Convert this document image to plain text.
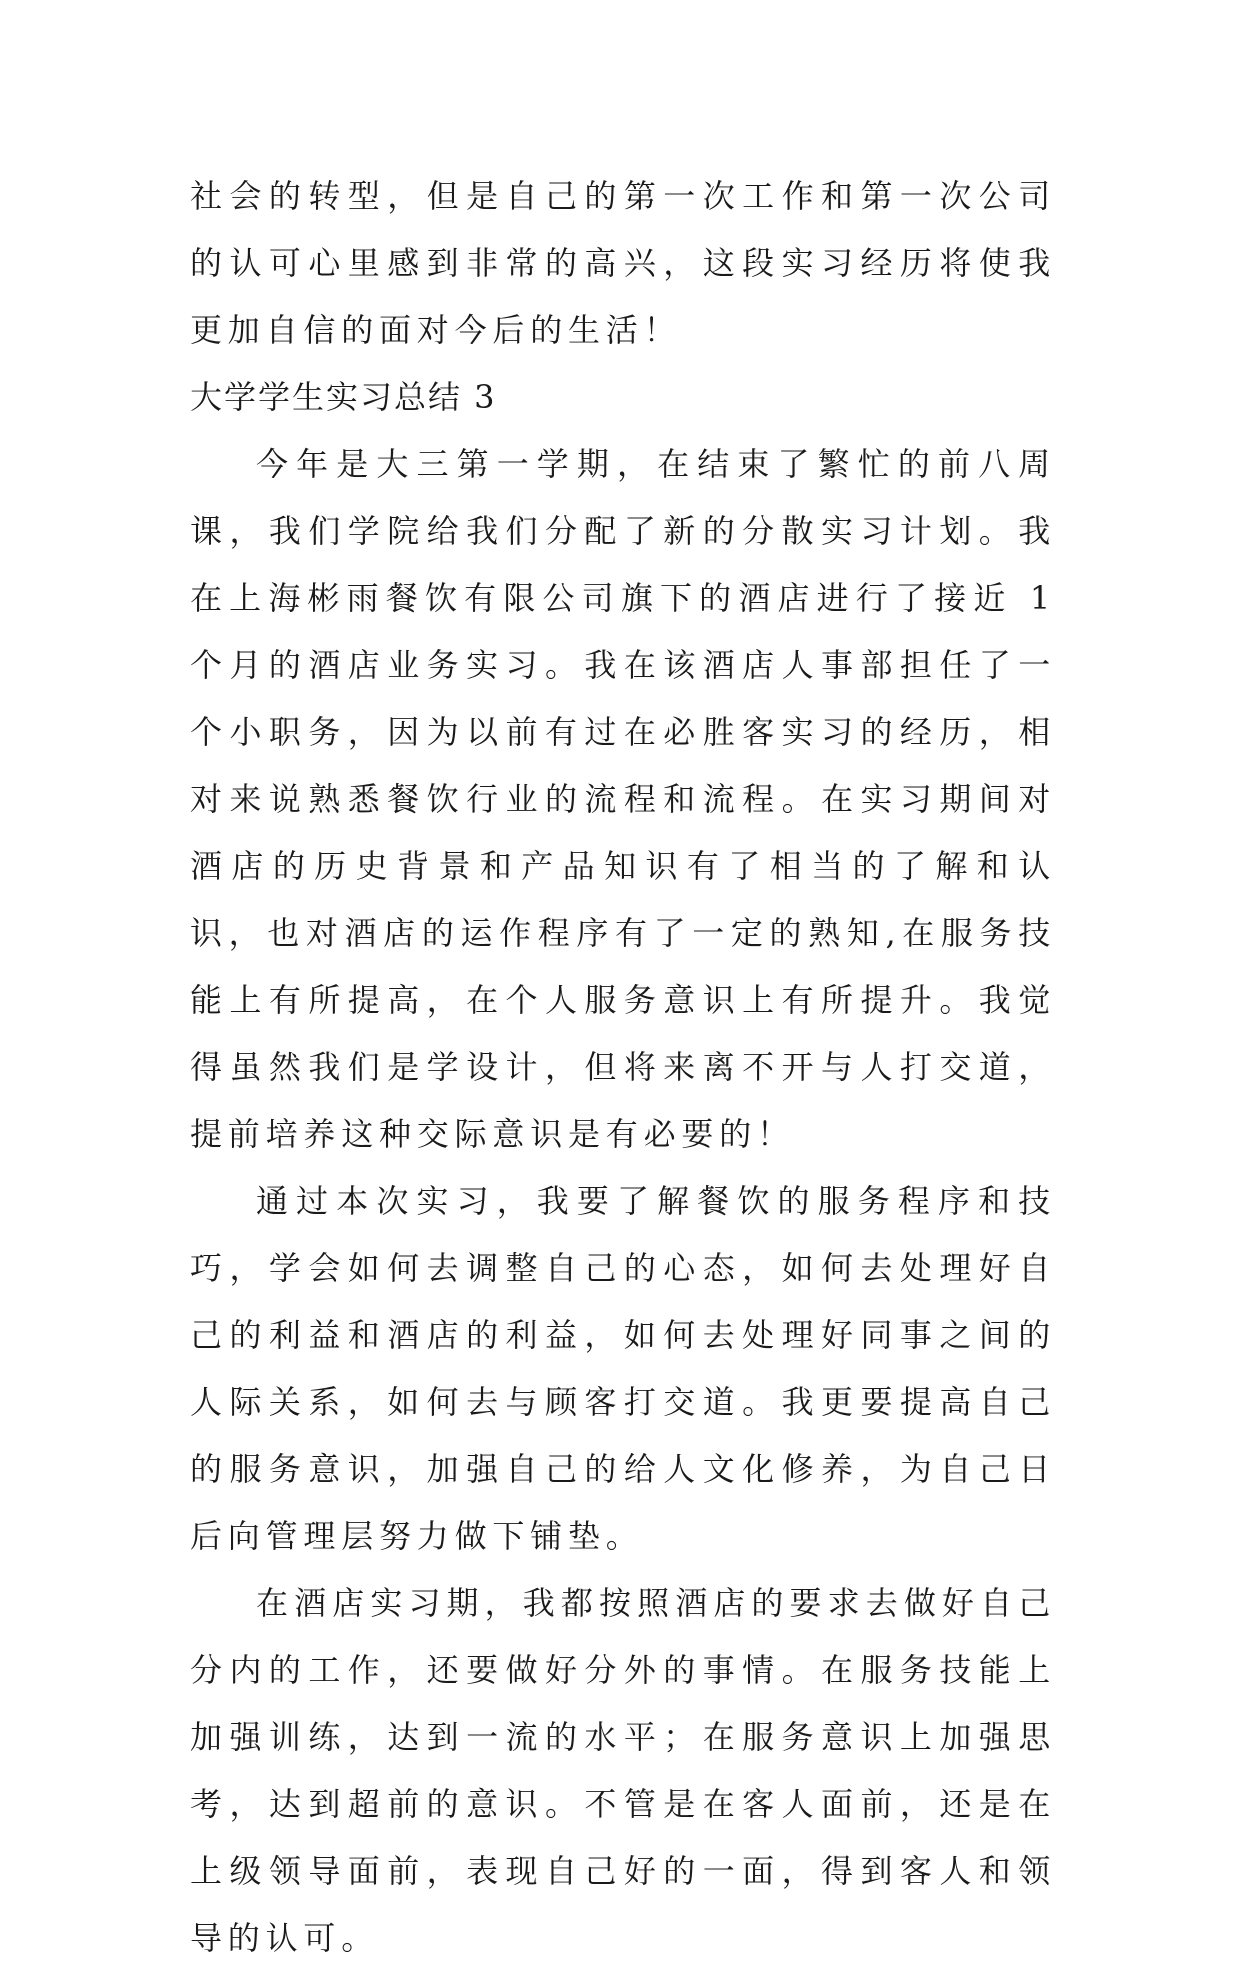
社会的转型，但是自己的第一次工作和第一次公司的认可心里感到非常的高兴，这段实习经历将使我更加自信的面对今后的生活！

大学学生实习总结 3

今年是大三第一学期，在结束了繁忙的前八周课，我们学院给我们分配了新的分散实习计划。我在上海彬雨餐饮有限公司旗下的酒店进行了接近 1 个月的酒店业务实习。我在该酒店人事部担任了一个小职务，因为以前有过在必胜客实习的经历，相对来说熟悉餐饮行业的流程和流程。在实习期间对酒店的历史背景和产品知识有了相当的了解和认识，也对酒店的运作程序有了一定的熟知,在服务技能上有所提高，在个人服务意识上有所提升。我觉得虽然我们是学设计，但将来离不开与人打交道，提前培养这种交际意识是有必要的！

通过本次实习，我要了解餐饮的服务程序和技巧，学会如何去调整自己的心态，如何去处理好自己的利益和酒店的利益，如何去处理好同事之间的人际关系，如何去与顾客打交道。我更要提高自己的服务意识，加强自己的给人文化修养，为自己日后向管理层努力做下铺垫。

在酒店实习期，我都按照酒店的要求去做好自己分内的工作，还要做好分外的事情。在服务技能上加强训练，达到一流的水平；在服务意识上加强思考，达到超前的意识。不管是在客人面前，还是在上级领导面前，表现自己好的一面，得到客人和领导的认可。
